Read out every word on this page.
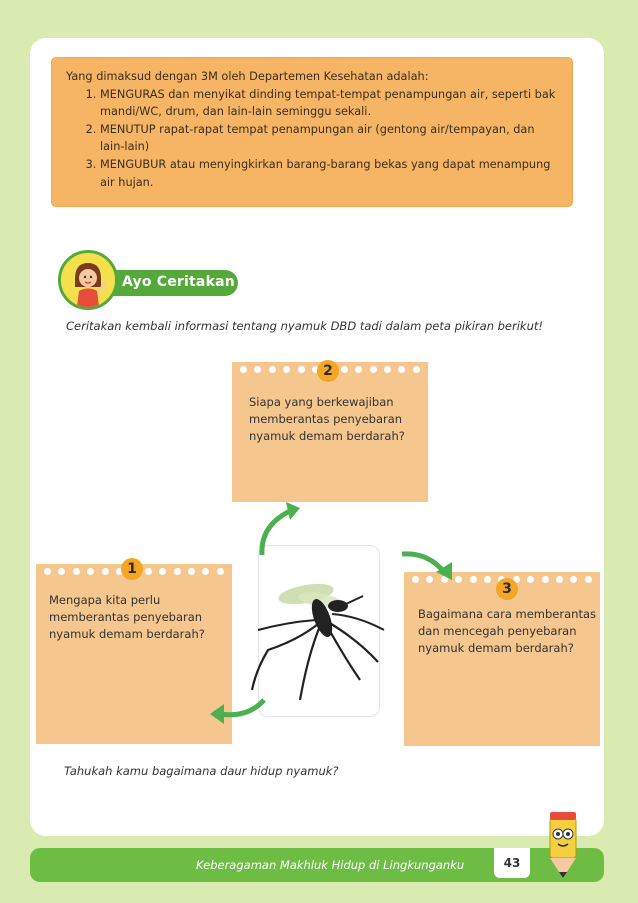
Yang dimaksud dengan 3M oleh Departemen Kesehatan adalah:
1. MENGURAS dan menyikat dinding tempat-tempat penampungan air, seperti bak mandi/WC, drum, dan lain-lain seminggu sekali.
2. MENUTUP rapat-rapat tempat penampungan air (gentong air/tempayan, dan lain-lain)
3. MENGUBUR atau menyingkirkan barang-barang bekas yang dapat menampung air hujan.
Ayo Ceritakan
Ceritakan kembali informasi tentang nyamuk DBD tadi dalam peta pikiran berikut!
2
Siapa yang berkewajiban memberantas penyebaran nyamuk demam berdarah?
1
Mengapa kita perlu memberantas penyebaran nyamuk demam berdarah?
3
Bagaimana cara memberantas dan mencegah penyebaran nyamuk demam berdarah?
Tahukah kamu bagaimana daur hidup nyamuk?
Keberagaman Makhluk Hidup di Lingkunganku	43
